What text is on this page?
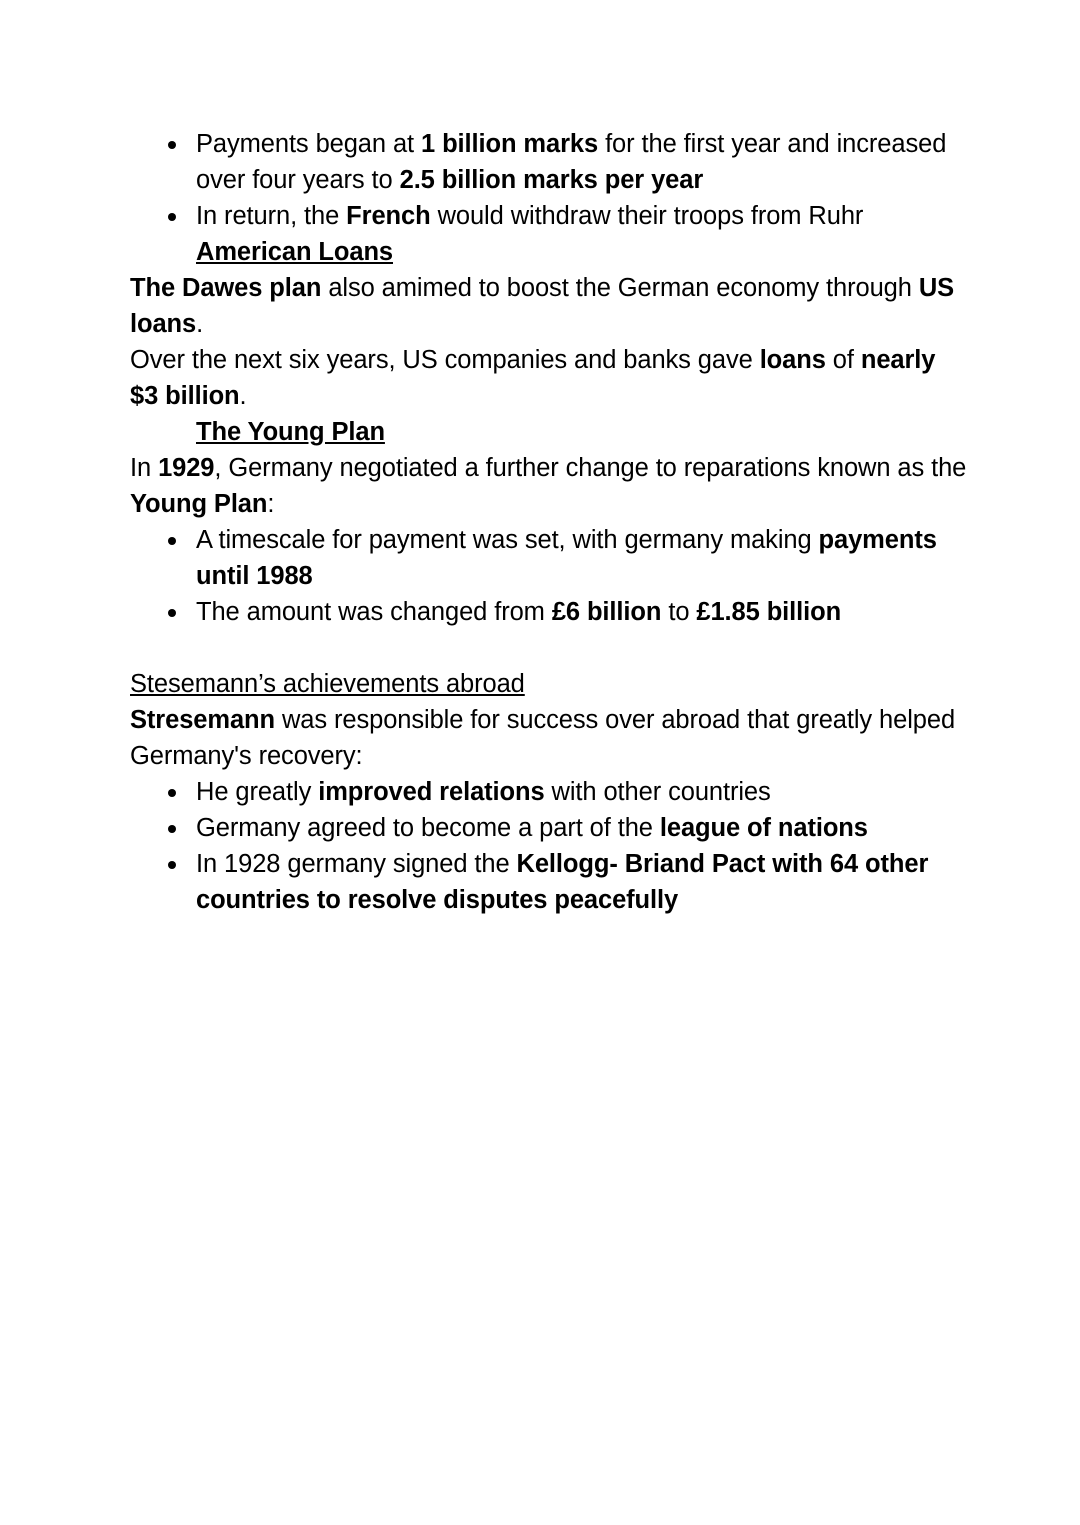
Payments began at 1 billion marks for the first year and increased over four years to 2.5 billion marks per year
In return, the French would withdraw their troops from Ruhr
American Loans

The Dawes plan also amimed to boost the German economy through US loans.

Over the next six years, US companies and banks gave loans of nearly $3 billion.

The Young Plan

In 1929, Germany negotiated a further change to reparations known as the Young Plan:

A timescale for payment was set, with germany making payments until 1988
The amount was changed from £6 billion to £1.85 billion
Stesemann’s achievements abroad

Stresemann was responsible for success over abroad that greatly helped Germany's recovery:

He greatly improved relations with other countries
Germany agreed to become a part of the league of nations
In 1928 germany signed the Kellogg- Briand Pact with 64 other countries to resolve disputes peacefully
